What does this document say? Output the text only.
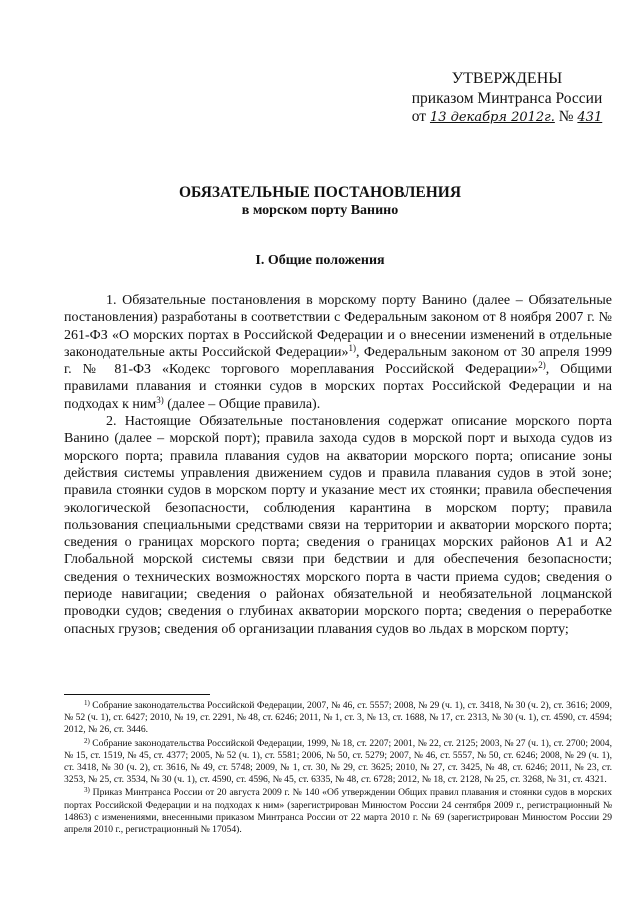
УТВЕРЖДЕНЫ
приказом Минтранса России
от 13 декабря 2012г. № 431
ОБЯЗАТЕЛЬНЫЕ ПОСТАНОВЛЕНИЯ
в морском порту Ванино
I. Общие положения

1. Обязательные постановления в морскому порту Ванино (далее – Обязательные постановления) разработаны в соответствии с Федеральным законом от 8 ноября 2007 г. № 261-ФЗ «О морских портах в Российской Федерации и о внесении изменений в отдельные законодательные акты Российской Федерации»$^{1)}$, Федеральным законом от 30 апреля 1999 г. № 81-ФЗ «Кодекс торгового мореплавания Российской Федерации»$^{2)}$, Общими правилами плавания и стоянки судов в морских портах Российской Федерации и на подходах к ним$^{3)}$ (далее – Общие правила).

2. Настоящие Обязательные постановления содержат описание морского порта Ванино (далее – морской порт); правила захода судов в морской порт и выхода судов из морского порта; правила плавания судов на акватории морского порта; описание зоны действия системы управления движением судов и правила плавания судов в этой зоне; правила стоянки судов в морском порту и указание мест их стоянки; правила обеспечения экологической безопасности, соблюдения карантина в морском порту; правила пользования специальными средствами связи на территории и акватории морского порта; сведения о границах морского порта; сведения о границах морских районов А1 и А2 Глобальной морской системы связи при бедствии и для обеспечения безопасности; сведения о технических возможностях морского порта в части приема судов; сведения о периоде навигации; сведения о районах обязательной и необязательной лоцманской проводки судов; сведения о глубинах акватории морского порта; сведения о переработке опасных грузов; сведения об организации плавания судов во льдах в морском порту;

$^{1)}$ Собрание законодательства Российской Федерации, 2007, № 46, ст. 5557; 2008, № 29 (ч. 1), ст. 3418, № 30 (ч. 2), ст. 3616; 2009, № 52 (ч. 1), ст. 6427; 2010, № 19, ст. 2291, № 48, ст. 6246; 2011, № 1, ст. 3, № 13, ст. 1688, № 17, ст. 2313, № 30 (ч. 1), ст. 4590, ст. 4594; 2012, № 26, ст. 3446.

$^{2)}$ Собрание законодательства Российской Федерации, 1999, № 18, ст. 2207; 2001, № 22, ст. 2125; 2003, № 27 (ч. 1), ст. 2700; 2004, № 15, ст. 1519, № 45, ст. 4377; 2005, № 52 (ч. 1), ст. 5581; 2006, № 50, ст. 5279; 2007, № 46, ст. 5557, № 50, ст. 6246; 2008, № 29 (ч. 1), ст. 3418, № 30 (ч. 2), ст. 3616, № 49, ст. 5748; 2009, № 1, ст. 30, № 29, ст. 3625; 2010, № 27, ст. 3425, № 48, ст. 6246; 2011, № 23, ст. 3253, № 25, ст. 3534, № 30 (ч. 1), ст. 4590, ст. 4596, № 45, ст. 6335, № 48, ст. 6728; 2012, № 18, ст. 2128, № 25, ст. 3268, № 31, ст. 4321.

$^{3)}$ Приказ Минтранса России от 20 августа 2009 г. № 140 «Об утверждении Общих правил плавания и стоянки судов в морских портах Российской Федерации и на подходах к ним» (зарегистрирован Минюстом России 24 сентября 2009 г., регистрационный № 14863) с изменениями, внесенными приказом Минтранса России от 22 марта 2010 г. № 69 (зарегистрирован Минюстом России 29 апреля 2010 г., регистрационный № 17054).
